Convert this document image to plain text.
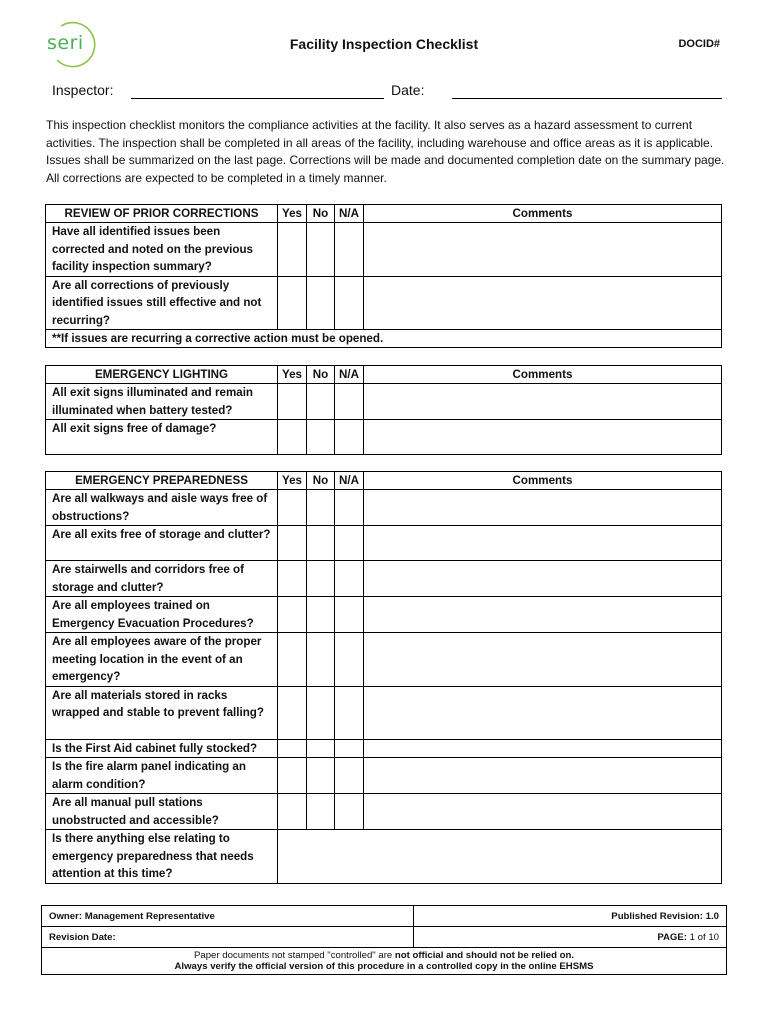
seri	Facility Inspection Checklist	DOCID#
Inspector:	Date:
This inspection checklist monitors the compliance activities at the facility. It also serves as a hazard assessment to current activities. The inspection shall be completed in all areas of the facility, including warehouse and office areas as it is applicable. Issues shall be summarized on the last page. Corrections will be made and documented completion date on the summary page. All corrections are expected to be completed in a timely manner.
REVIEW OF PRIOR CORRECTIONS	Yes	No	N/A	Comments
Have all identified issues been corrected and noted on the previous facility inspection summary?				
Are all corrections of previously identified issues still effective and not recurring?				
**If issues are recurring a corrective action must be opened.				
EMERGENCY LIGHTING	Yes	No	N/A	Comments
All exit signs illuminated and remain illuminated when battery tested?				
All exit signs free of damage?				
EMERGENCY PREPAREDNESS	Yes	No	N/A	Comments
Are all walkways and aisle ways free of obstructions?				
Are all exits free of storage and clutter?				
Are stairwells and corridors free of storage and clutter?				
Are all employees trained on Emergency Evacuation Procedures?				
Are all employees aware of the proper meeting location in the event of an emergency?				
Are all materials stored in racks wrapped and stable to prevent falling?				
Is the First Aid cabinet fully stocked?				
Is the fire alarm panel indicating an alarm condition?				
Are all manual pull stations unobstructed and accessible?				
Is there anything else relating to emergency preparedness that needs attention at this time?				
Owner: Management Representative	Published Revision: 1.0
Revision Date:	PAGE: 1 of 10
Paper documents not stamped "controlled" are not official and should not be relied on.
Always verify the official version of this procedure in a controlled copy in the online EHSMS	
